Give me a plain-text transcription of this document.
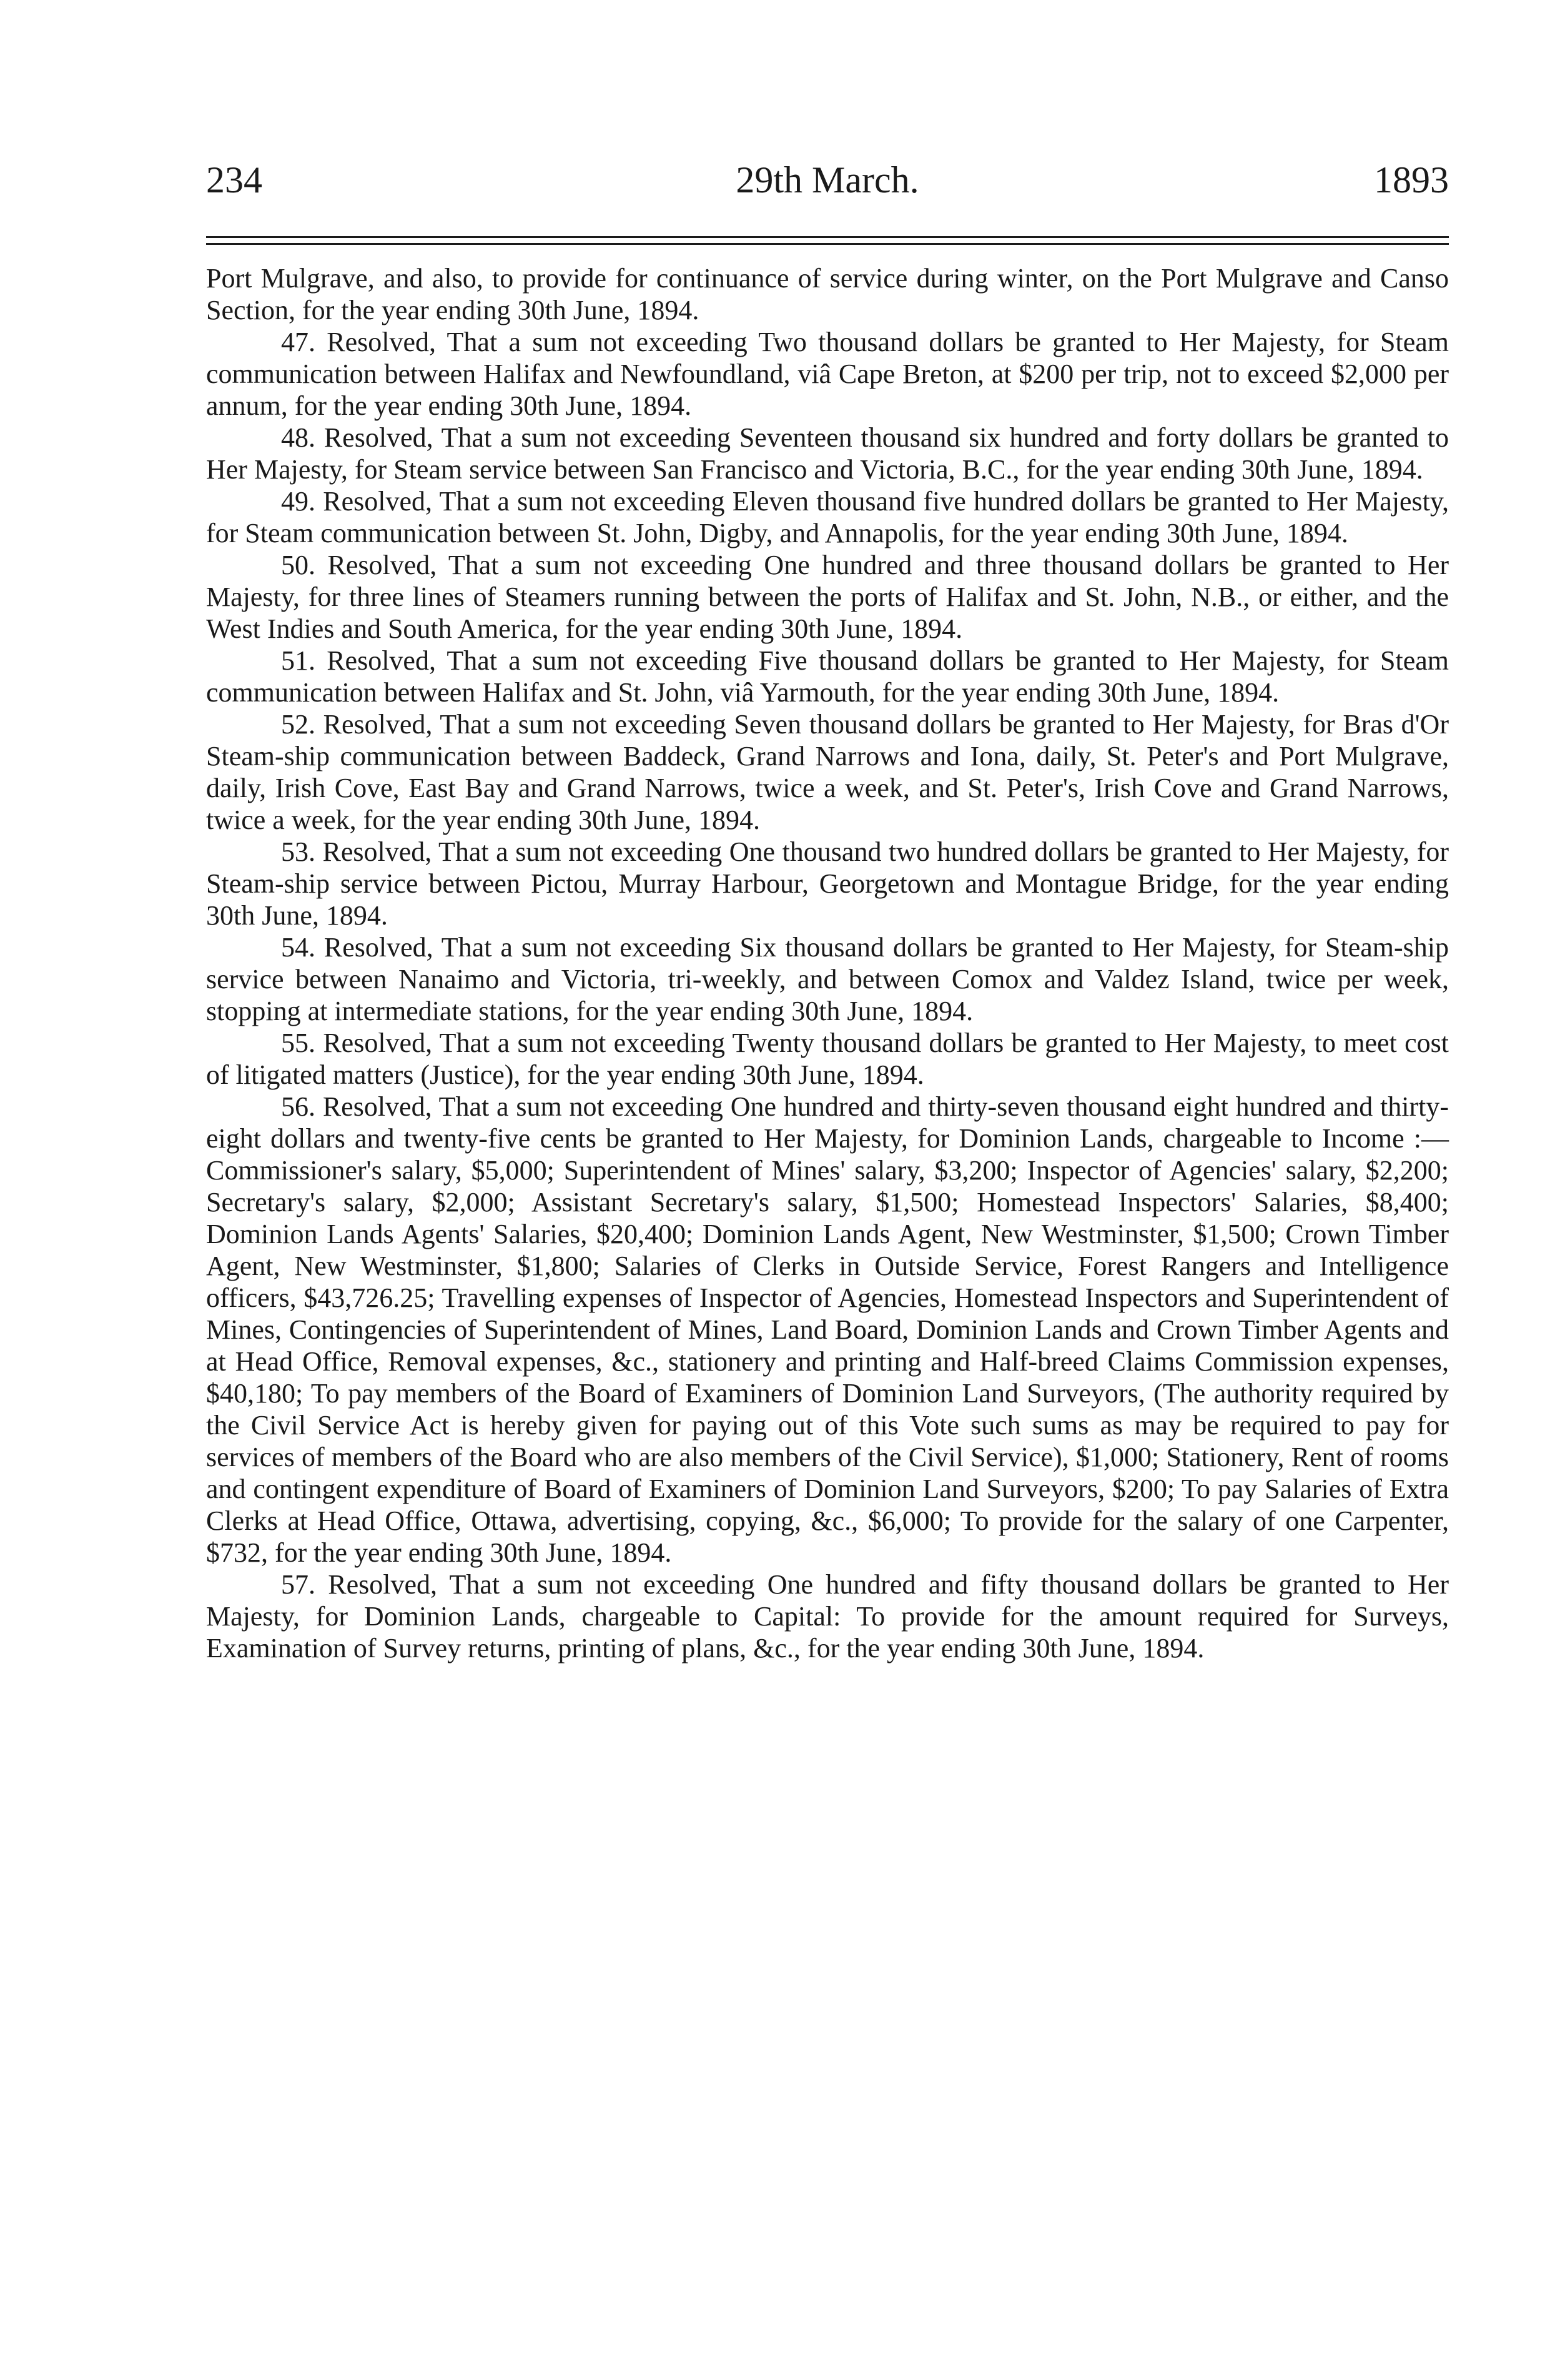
234	29th March.	1893

Port Mulgrave, and also, to provide for continuance of service during winter, on the Port Mulgrave and Canso Section, for the year ending 30th June, 1894.

47. Resolved, That a sum not exceeding Two thousand dollars be granted to Her Majesty, for Steam communication between Halifax and Newfoundland, viâ Cape Breton, at $200 per trip, not to exceed $2,000 per annum, for the year ending 30th June, 1894.

48. Resolved, That a sum not exceeding Seventeen thousand six hundred and forty dollars be granted to Her Majesty, for Steam service between San Francisco and Victoria, B.C., for the year ending 30th June, 1894.

49. Resolved, That a sum not exceeding Eleven thousand five hundred dollars be granted to Her Majesty, for Steam communication between St. John, Digby, and Annapolis, for the year ending 30th June, 1894.

50. Resolved, That a sum not exceeding One hundred and three thousand dollars be granted to Her Majesty, for three lines of Steamers running between the ports of Halifax and St. John, N.B., or either, and the West Indies and South America, for the year ending 30th June, 1894.

51. Resolved, That a sum not exceeding Five thousand dollars be granted to Her Majesty, for Steam communication between Halifax and St. John, viâ Yarmouth, for the year ending 30th June, 1894.

52. Resolved, That a sum not exceeding Seven thousand dollars be granted to Her Majesty, for Bras d'Or Steam-ship communication between Baddeck, Grand Narrows and Iona, daily, St. Peter's and Port Mulgrave, daily, Irish Cove, East Bay and Grand Narrows, twice a week, and St. Peter's, Irish Cove and Grand Narrows, twice a week, for the year ending 30th June, 1894.

53. Resolved, That a sum not exceeding One thousand two hundred dollars be granted to Her Majesty, for Steam-ship service between Pictou, Murray Harbour, Georgetown and Montague Bridge, for the year ending 30th June, 1894.

54. Resolved, That a sum not exceeding Six thousand dollars be granted to Her Majesty, for Steam-ship service between Nanaimo and Victoria, tri-weekly, and between Comox and Valdez Island, twice per week, stopping at intermediate stations, for the year ending 30th June, 1894.

55. Resolved, That a sum not exceeding Twenty thousand dollars be granted to Her Majesty, to meet cost of litigated matters (Justice), for the year ending 30th June, 1894.

56. Resolved, That a sum not exceeding One hundred and thirty-seven thousand eight hundred and thirty-eight dollars and twenty-five cents be granted to Her Majesty, for Dominion Lands, chargeable to Income :—Commissioner's salary, $5,000; Superintendent of Mines' salary, $3,200; Inspector of Agencies' salary, $2,200; Secretary's salary, $2,000; Assistant Secretary's salary, $1,500; Homestead Inspectors' Salaries, $8,400; Dominion Lands Agents' Salaries, $20,400; Dominion Lands Agent, New Westminster, $1,500; Crown Timber Agent, New Westminster, $1,800; Salaries of Clerks in Outside Service, Forest Rangers and Intelligence officers, $43,726.25; Travelling expenses of Inspector of Agencies, Homestead Inspectors and Superintendent of Mines, Contingencies of Superintendent of Mines, Land Board, Dominion Lands and Crown Timber Agents and at Head Office, Removal expenses, &c., stationery and printing and Half-breed Claims Commission expenses, $40,180; To pay members of the Board of Examiners of Dominion Land Surveyors, (The authority required by the Civil Service Act is hereby given for paying out of this Vote such sums as may be required to pay for services of members of the Board who are also members of the Civil Service), $1,000; Stationery, Rent of rooms and contingent expenditure of Board of Examiners of Dominion Land Surveyors, $200; To pay Salaries of Extra Clerks at Head Office, Ottawa, advertising, copying, &c., $6,000; To provide for the salary of one Carpenter, $732, for the year ending 30th June, 1894.

57. Resolved, That a sum not exceeding One hundred and fifty thousand dollars be granted to Her Majesty, for Dominion Lands, chargeable to Capital: To provide for the amount required for Surveys, Examination of Survey returns, printing of plans, &c., for the year ending 30th June, 1894.
